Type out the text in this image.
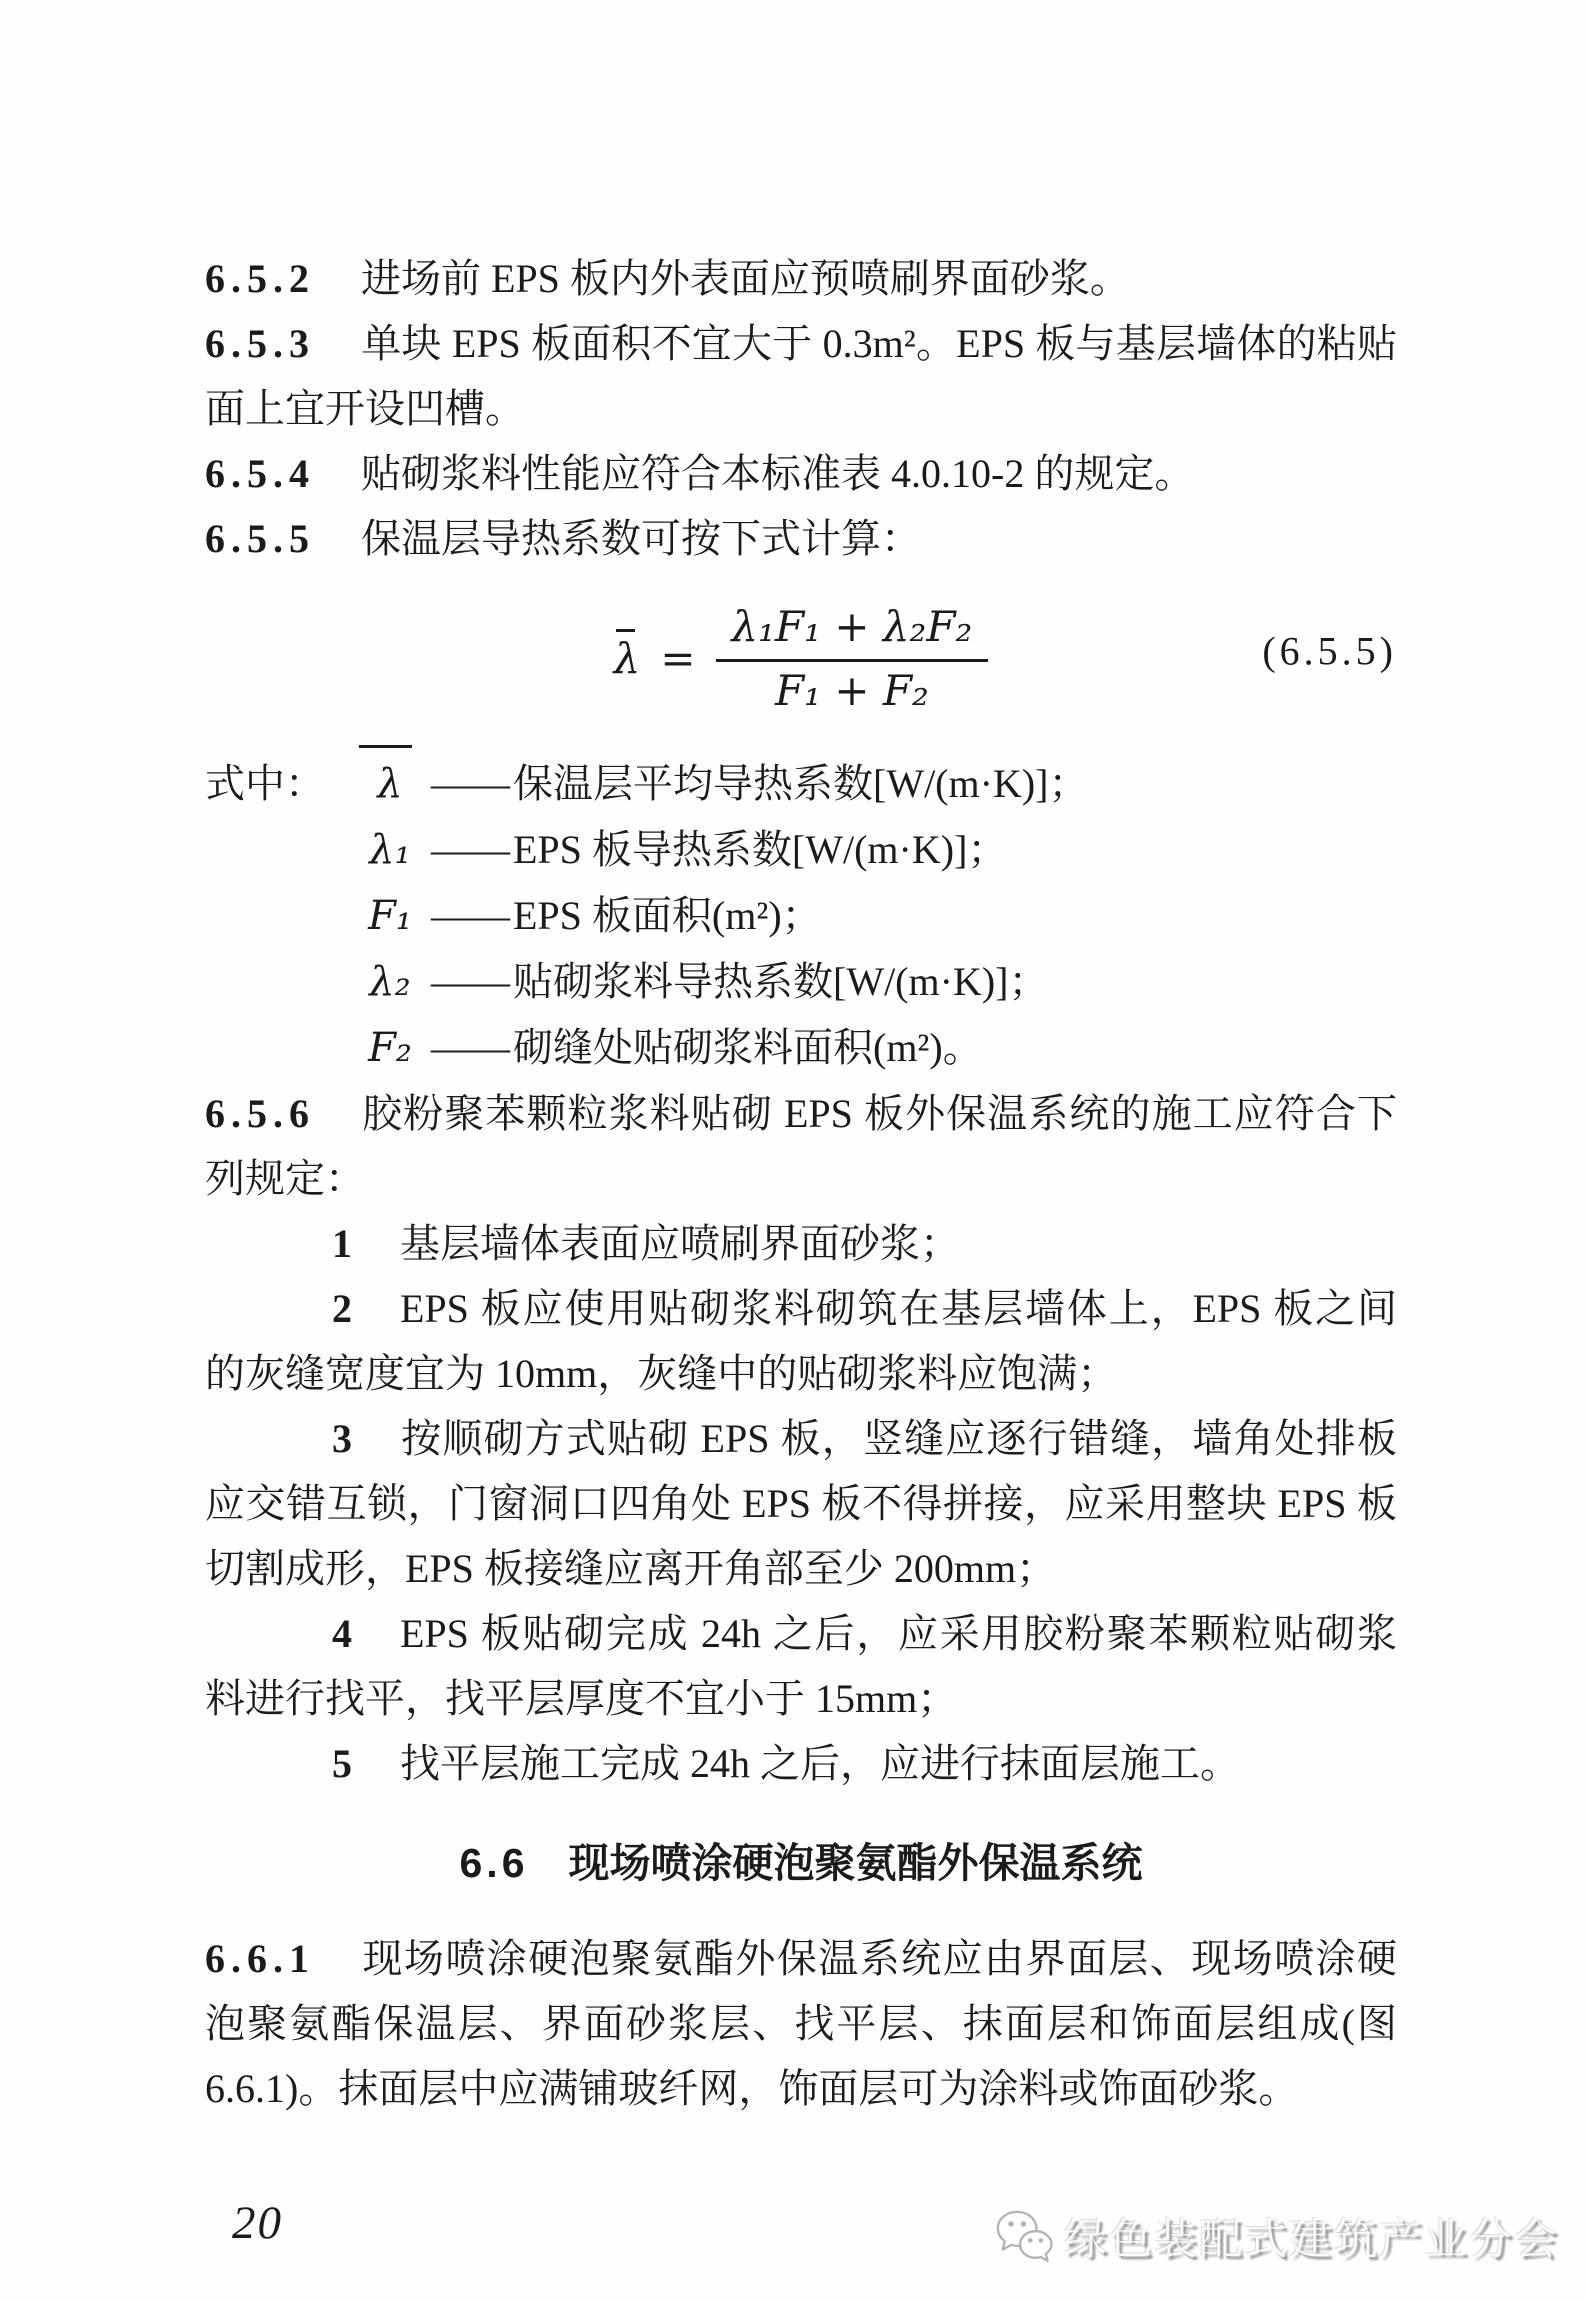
6.5.2 进场前 EPS 板内外表面应预喷刷界面砂浆。

6.5.3 单块 EPS 板面积不宜大于 0.3m²。EPS 板与基层墙体的粘贴面上宜开设凹槽。

6.5.4 贴砌浆料性能应符合本标准表 4.0.10-2 的规定。

6.5.5 保温层导热系数可按下式计算：

$\lambda = \frac{\text{λ₁F₁ + λ₂F₂}}{\text{F₁ + F₂}}$	(6.5.5)
式中：	λ —— 保温层平均导热系数[W/(m·K)]；
λ₁ —— EPS 板导热系数[W/(m·K)]；
F₁ —— EPS 板面积(m²)；
λ₂ —— 贴砌浆料导热系数[W/(m·K)]；
F₂ —— 砌缝处贴砌浆料面积(m²)。

6.5.6 胶粉聚苯颗粒浆料贴砌 EPS 板外保温系统的施工应符合下列规定：

1 基层墙体表面应喷刷界面砂浆；

2 EPS 板应使用贴砌浆料砌筑在基层墙体上，EPS 板之间的灰缝宽度宜为 10mm，灰缝中的贴砌浆料应饱满；

3 按顺砌方式贴砌 EPS 板，竖缝应逐行错缝，墙角处排板应交错互锁，门窗洞口四角处 EPS 板不得拼接，应采用整块 EPS 板切割成形，EPS 板接缝应离开角部至少 200mm；

4 EPS 板贴砌完成 24h 之后，应采用胶粉聚苯颗粒贴砌浆料进行找平，找平层厚度不宜小于 15mm；

5 找平层施工完成 24h 之后，应进行抹面层施工。

6.6 现场喷涂硬泡聚氨酯外保温系统

6.6.1 现场喷涂硬泡聚氨酯外保温系统应由界面层、现场喷涂硬泡聚氨酯保温层、界面砂浆层、找平层、抹面层和饰面层组成(图 6.6.1)。抹面层中应满铺玻纤网，饰面层可为涂料或饰面砂浆。

20	绿色装配式建筑产业分会
